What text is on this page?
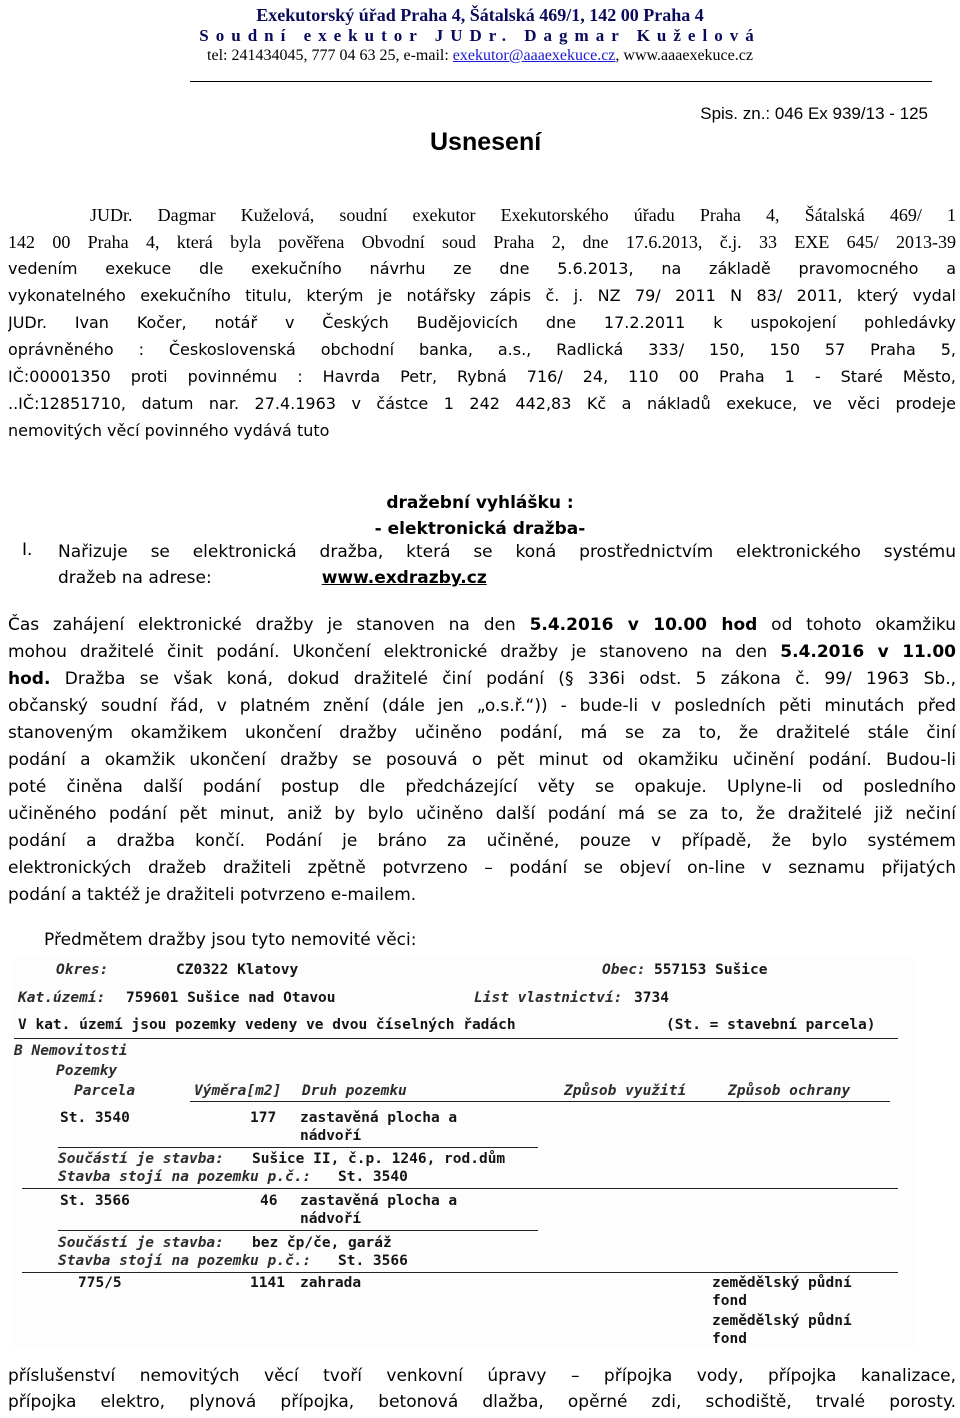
Exekutorský úřad Praha 4, Šátalská 469/1, 142 00 Praha 4
Soudní exekutor JUDr. Dagmar Kuželová
tel: 241434045, 777 04 63 25, e-mail: exekutor@aaaexekuce.cz, www.aaaexekuce.cz
Spis. zn.: 046 Ex 939/13 - 125
Usnesení
JUDr. Dagmar Kuželová, soudní exekutor Exekutorského úřadu Praha 4, Šátalská 469/ 1
142 00 Praha 4, která byla pověřena Obvodní soud Praha 2, dne 17.6.2013, č.j. 33 EXE 645/ 2013-39
vedením exekuce dle exekučního návrhu ze dne 5.6.2013, na základě pravomocného a
vykonatelného exekučního titulu, kterým je notářsky zápis č. j. NZ 79/ 2011 N 83/ 2011, který vydal
JUDr. Ivan Kočer, notář v Českých Budějovicích dne 17.2.2011 k uspokojení pohledávky
oprávněného : Československá obchodní banka, a.s., Radlická 333/ 150, 150 57 Praha 5,
IČ:00001350 proti povinnému : Havrda Petr, Rybná 716/ 24, 110 00 Praha 1 - Staré Město,
..IČ:12851710, datum nar. 27.4.1963 v částce 1 242 442,83 Kč a nákladů exekuce, ve věci prodeje
nemovitých věcí povinného vydává tuto
dražební vyhlášku :
- elektronická dražba-
I. Nařizuje se elektronická dražba, která se koná prostřednictvím elektronického systému
dražeb na adrese:	www.exdrazby.cz
Čas zahájení elektronické dražby je stanoven na den 5.4.2016 v 10.00 hod od tohoto okamžiku
mohou dražitelé činit podání. Ukončení elektronické dražby je stanoveno na den 5.4.2016 v 11.00
hod. Dražba se však koná, dokud dražitelé činí podání (§ 336i odst. 5 zákona č. 99/ 1963 Sb.,
občanský soudní řád, v platném znění (dále jen „o.s.ř.“)) - bude-li v posledních pěti minutách před
stanoveným okamžikem ukončení dražby učiněno podání, má se za to, že dražitelé stále činí
podání a okamžik ukončení dražby se posouvá o pět minut od okamžiku učinění podání. Budou-li
poté činěna další podání postup dle předcházející věty se opakuje. Uplyne-li od posledního
učiněného podání pět minut, aniž by bylo učiněno další podání má se za to, že dražitelé již nečiní
podání a dražba končí. Podání je bráno za učiněné, pouze v případě, že bylo systémem
elektronických dražeb dražiteli zpětně potvrzeno – podání se objeví on-line v seznamu přijatých
podání a taktéž je dražiteli potvrzeno e-mailem.
Předmětem dražby jsou tyto nemovité věci:
Okres:	CZ0322 Klatovy	Obec: 557153 Sušice
Kat.území: 759601 Sušice nad Otavou	List vlastnictví: 3734
V kat. území jsou pozemky vedeny ve dvou číselných řadách	(St. = stavební parcela)
B Nemovitosti
Pozemky
Parcela	Výměra[m2] Druh pozemku	Způsob využití	Způsob ochrany
St. 3540	177 zastavěná plocha a
nádvoří
Součástí je stavba: Sušice II, č.p. 1246, rod.dům
Stavba stojí na pozemku p.č.: St. 3540
St. 3566	46 zastavěná plocha a
nádvoří
Součástí je stavba: bez čp/če, garáž
Stavba stojí na pozemku p.č.: St. 3566
775/5	1141 zahrada	zemědělský půdní
fond
zemědělský půdní
fond
příslušenství nemovitých věcí tvoří venkovní úpravy – přípojka vody, přípojka kanalizace,
přípojka elektro, plynová přípojka, betonová dlažba, opěrné zdi, schodiště, trvalé porosty.
